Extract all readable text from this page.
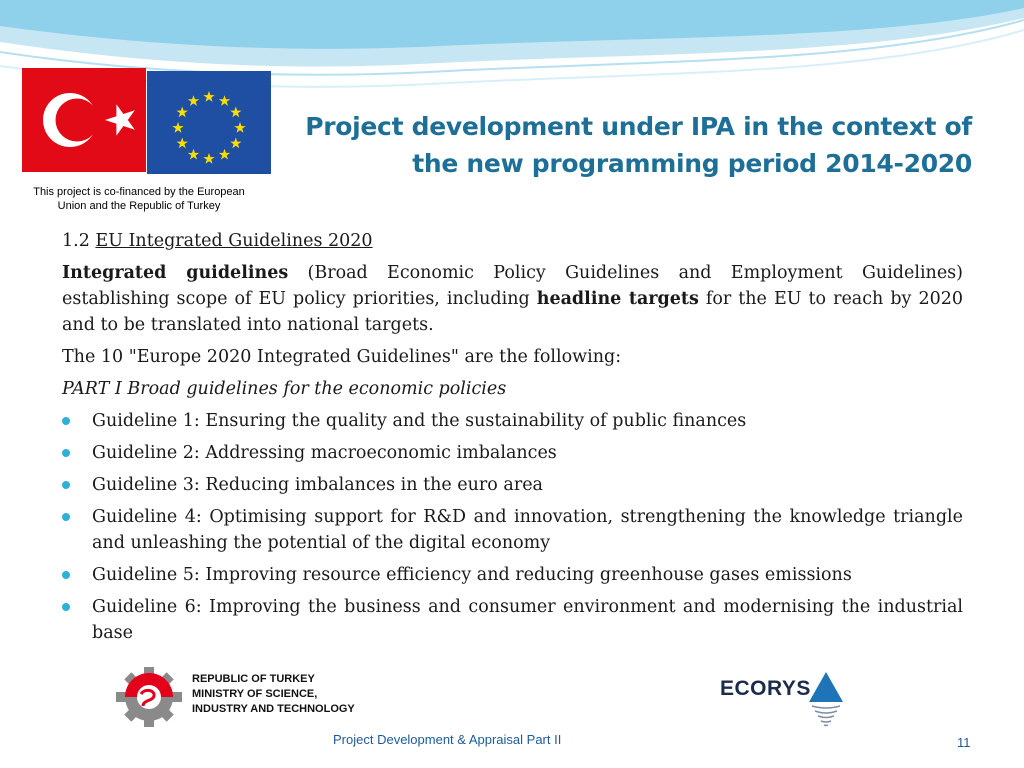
This project is co-financed by the European
Union and the Republic of Turkey
Project development under IPA in the context of
the new programming period 2014-2020

1.2 EU Integrated Guidelines 2020

Integrated guidelines (Broad Economic Policy Guidelines and Employment Guidelines) establishing scope of EU policy priorities, including headline targets for the EU to reach by 2020 and to be translated into national targets.

The 10 "Europe 2020 Integrated Guidelines" are the following:

PART I Broad guidelines for the economic policies

Guideline 1: Ensuring the quality and the sustainability of public finances
Guideline 2: Addressing macroeconomic imbalances
Guideline 3: Reducing imbalances in the euro area
Guideline 4: Optimising support for R&D and innovation, strengthening the knowledge triangle and unleashing the potential of the digital economy
Guideline 5: Improving resource efficiency and reducing greenhouse gases emissions
Guideline 6: Improving the business and consumer environment and modernising the industrial base
REPUBLIC OF TURKEY
MINISTRY OF SCIENCE,
INDUSTRY AND TECHNOLOGY
ECORYS
Project Development & Appraisal Part II	11
